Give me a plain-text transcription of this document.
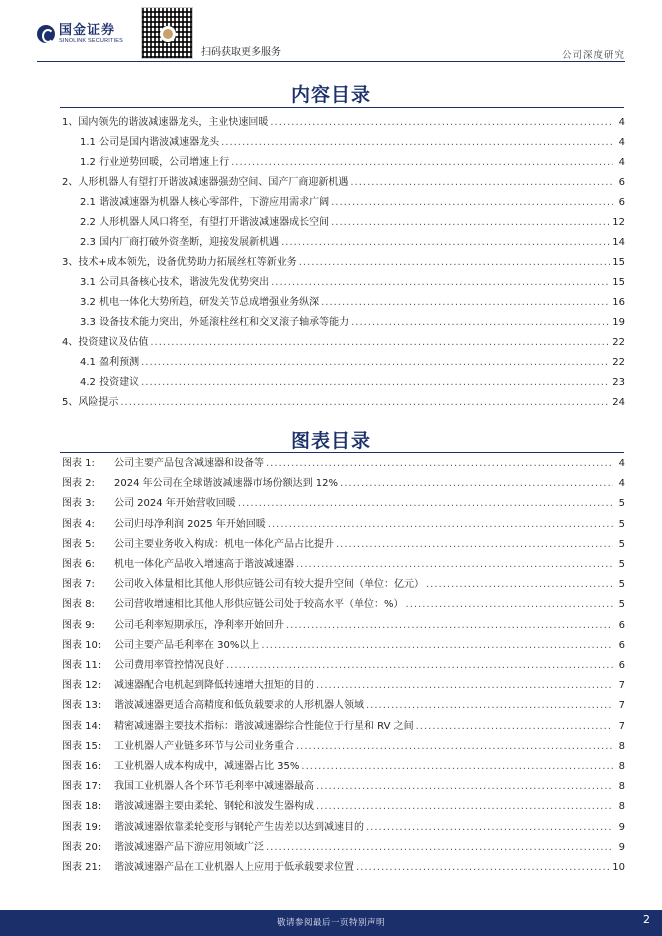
国金证券
SINOLINK SECURITIES
扫码获取更多服务	公司深度研究
内容目录
1、国内领先的谐波减速器龙头，主业快速回暖 .....	4
1.1 公司是国内谐波减速器龙头 .....	4
1.2 行业逆势回暖，公司增速上行 .....	4
2、人形机器人有望打开谐波减速器强劲空间、国产厂商迎新机遇 .....	6
2.1 谐波减速器为机器人核心零部件，下游应用需求广阔 .....	6
2.2 人形机器人风口将至，有望打开谐波减速器成长空间 .....	12
2.3 国内厂商打破外资垄断，迎接发展新机遇 .....	14
3、技术+成本领先，设备优势助力拓展丝杠等新业务 .....	15
3.1 公司具备核心技术，谐波先发优势突出 .....	15
3.2 机电一体化大势所趋，研发关节总成增强业务纵深 .....	16
3.3 设备技术能力突出，外延滚柱丝杠和交叉滚子轴承等能力 .....	19
4、投资建议及估值 .....	22
4.1 盈利预测 .....	22
4.2 投资建议 .....	23
5、风险提示 .....	24
图表目录
图表 1:	公司主要产品包含减速器和设备等 .....	4
图表 2:	2024 年公司在全球谐波减速器市场份额达到 12% .....	4
图表 3:	公司 2024 年开始营收回暖 .....	5
图表 4:	公司归母净利润 2025 年开始回暖 .....	5
图表 5:	公司主要业务收入构成：机电一体化产品占比提升 .....	5
图表 6:	机电一体化产品收入增速高于谐波减速器 .....	5
图表 7:	公司收入体量相比其他人形供应链公司有较大提升空间（单位：亿元） .....	5
图表 8:	公司营收增速相比其他人形供应链公司处于较高水平（单位：%） .....	5
图表 9:	公司毛利率短期承压，净利率开始回升 .....	6
图表 10:	公司主要产品毛利率在 30%以上 .....	6
图表 11:	公司费用率管控情况良好 .....	6
图表 12:	减速器配合电机起到降低转速增大扭矩的目的 .....	7
图表 13:	谐波减速器更适合高精度和低负载要求的人形机器人领域 .....	7
图表 14:	精密减速器主要技术指标：谐波减速器综合性能位于行星和 RV 之间 .....	7
图表 15:	工业机器人产业链多环节与公司业务重合 .....	8
图表 16:	工业机器人成本构成中，减速器占比 35% .....	8
图表 17:	我国工业机器人各个环节毛利率中减速器最高 .....	8
图表 18:	谐波减速器主要由柔轮、钢轮和波发生器构成 .....	8
图表 19:	谐波减速器依靠柔轮变形与钢轮产生齿差以达到减速目的 .....	9
图表 20:	谐波减速器产品下游应用领域广泛 .....	9
图表 21:	谐波减速器产品在工业机器人上应用于低承载要求位置 .....	10
敬请参阅最后一页特别声明	2
